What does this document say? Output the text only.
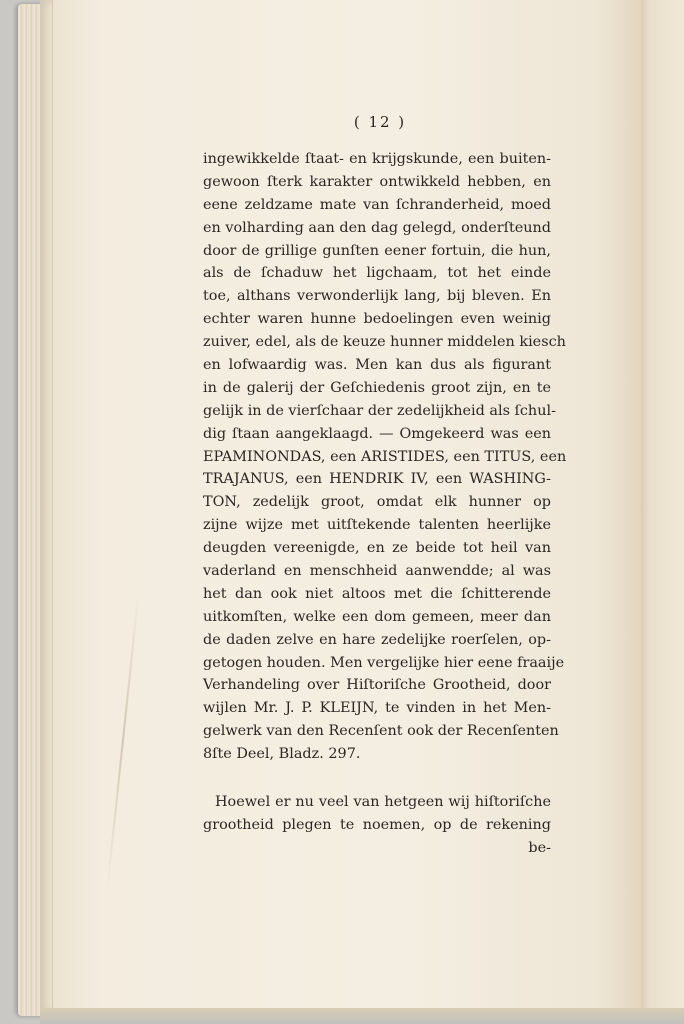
( 12 )
ingewikkelde ſtaat- en krijgskunde, een buiten-
gewoon ſterk karakter ontwikkeld hebben, en
eene zeldzame mate van ſchranderheid, moed
en volharding aan den dag gelegd, onderſteund
door de grillige gunſten eener fortuin, die hun,
als de ſchaduw het ligchaam, tot het einde
toe, althans verwonderlijk lang, bij bleven. En
echter waren hunne bedoelingen even weinig
zuiver, edel, als de keuze hunner middelen kiesch
en lofwaardig was. Men kan dus als figurant
in de galerij der Geſchiedenis groot zijn, en te
gelijk in de vierſchaar der zedelijkheid als ſchul-
dig ſtaan aangeklaagd. — Omgekeerd was een
EPAMINONDAS, een ARISTIDES, een TITUS, een
TRAJANUS, een HENDRIK IV, een WASHING-
TON, zedelijk groot, omdat elk hunner op
zijne wijze met uitſtekende talenten heerlijke
deugden vereenigde, en ze beide tot heil van
vaderland en menschheid aanwendde; al was
het dan ook niet altoos met die ſchitterende
uitkomſten, welke een dom gemeen, meer dan
de daden zelve en hare zedelijke roerſelen, op-
getogen houden. Men vergelijke hier eene fraaije
Verhandeling over Hiſtoriſche Grootheid, door
wijlen Mr. J. P. KLEIJN, te vinden in het Men-
gelwerk van den Recenſent ook der Recenſenten
8ſte Deel, Bladz. 297.
Hoewel er nu veel van hetgeen wij hiſtoriſche
grootheid plegen te noemen, op de rekening
be-
